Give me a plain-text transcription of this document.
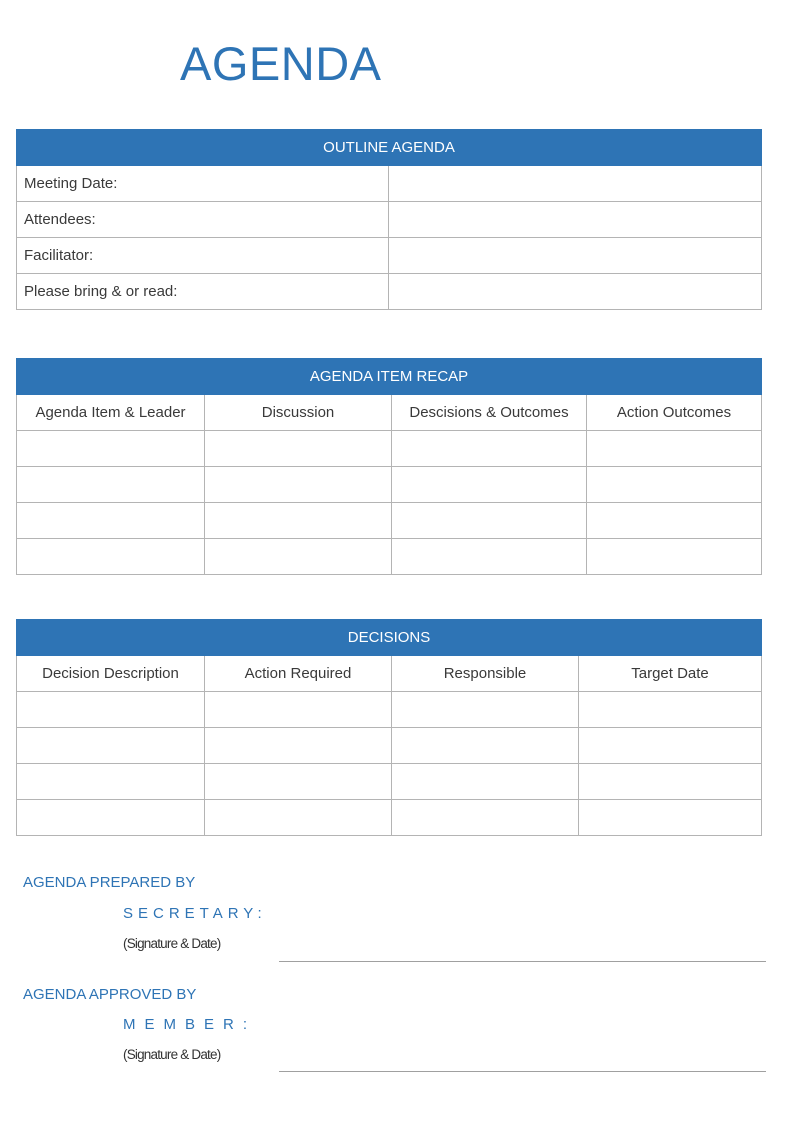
AGENDA
OUTLINE AGENDA	
Meeting Date:	
Attendees:	
Facilitator:	
Please bring & or read:	
AGENDA ITEM RECAP			
Agenda Item & Leader	Discussion	Descisions & Outcomes	Action Outcomes

DECISIONS			
Decision Description	Action Required	Responsible	Target Date

AGENDA PREPARED BY
SECRETARY:
(Signature & Date)
AGENDA APPROVED BY
MEMBER:
(Signature & Date)
